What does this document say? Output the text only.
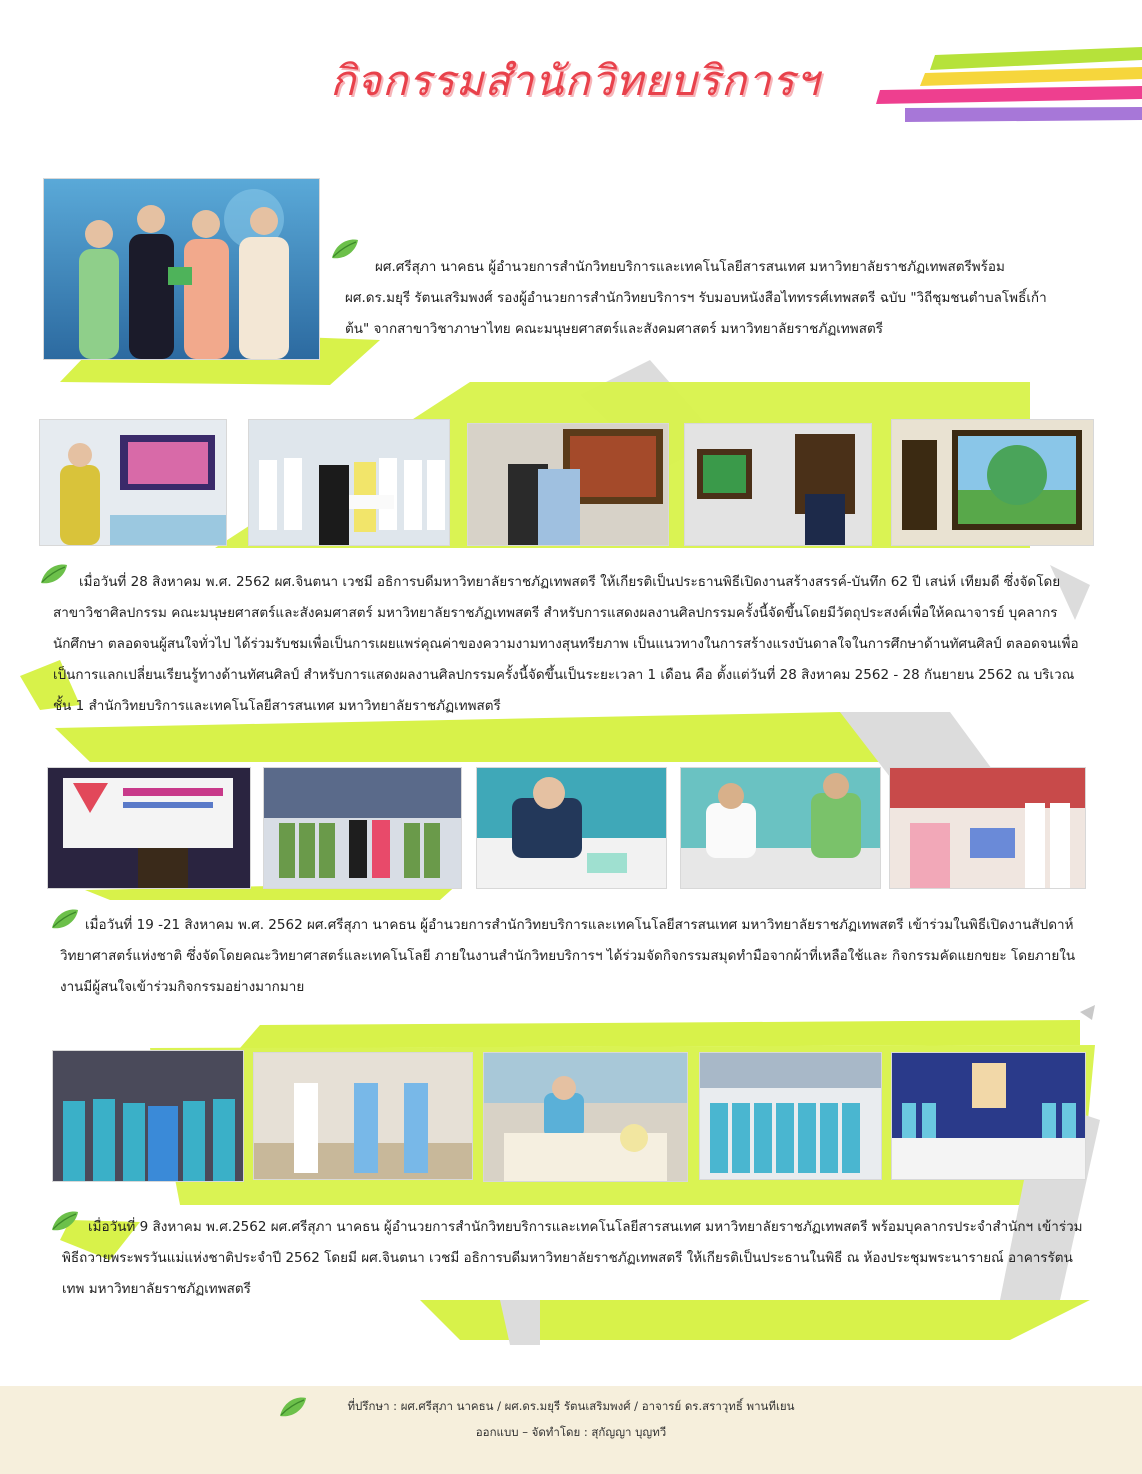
กิจกรรมสำนักวิทยบริการฯ

ผศ.ศรีสุภา นาคธน ผู้อำนวยการสำนักวิทยบริการและเทคโนโลยีสารสนเทศ มหาวิทยาลัยราชภัฏเทพสตรีพร้อม ผศ.ดร.มยุรี รัตนเสริมพงศ์ รองผู้อำนวยการสำนักวิทยบริการฯ รับมอบหนังสือไททรรศ์เทพสตรี ฉบับ "วิถีชุมชนตำบลโพธิ์เก้าต้น" จากสาขาวิชาภาษาไทย คณะมนุษยศาสตร์และสังคมศาสตร์ มหาวิทยาลัยราชภัฏเทพสตรี

เมื่อวันที่ 28 สิงหาคม พ.ศ. 2562 ผศ.จินตนา เวชมี อธิการบดีมหาวิทยาลัยราชภัฏเทพสตรี ให้เกียรติเป็นประธานพิธีเปิดงานสร้างสรรค์-บันทึก 62 ปี เสน่ห์ เทียมดี ซึ่งจัดโดยสาขาวิชาศิลปกรรม คณะมนุษยศาสตร์และสังคมศาสตร์ มหาวิทยาลัยราชภัฏเทพสตรี สำหรับการแสดงผลงานศิลปกรรมครั้งนี้จัดขึ้นโดยมีวัตถุประสงค์เพื่อให้คณาจารย์ บุคลากร นักศึกษา ตลอดจนผู้สนใจทั่วไป ได้ร่วมรับชมเพื่อเป็นการเผยแพร่คุณค่าของความงามทางสุนทรียภาพ เป็นแนวทางในการสร้างแรงบันดาลใจในการศึกษาด้านทัศนศิลป์ ตลอดจนเพื่อเป็นการแลกเปลี่ยนเรียนรู้ทางด้านทัศนศิลป์ สำหรับการแสดงผลงานศิลปกรรมครั้งนี้จัดขึ้นเป็นระยะเวลา 1 เดือน คือ ตั้งแต่วันที่ 28 สิงหาคม 2562 - 28 กันยายน 2562 ณ บริเวณชั้น 1 สำนักวิทยบริการและเทคโนโลยีสารสนเทศ มหาวิทยาลัยราชภัฏเทพสตรี

เมื่อวันที่ 19 -21 สิงหาคม พ.ศ. 2562 ผศ.ศรีสุภา นาคธน ผู้อำนวยการสำนักวิทยบริการและเทคโนโลยีสารสนเทศ มหาวิทยาลัยราชภัฏเทพสตรี เข้าร่วมในพิธีเปิดงานสัปดาห์วิทยาศาสตร์แห่งชาติ ซึ่งจัดโดยคณะวิทยาศาสตร์และเทคโนโลยี ภายในงานสำนักวิทยบริการฯ ได้ร่วมจัดกิจกรรมสมุดทำมือจากผ้าที่เหลือใช้และ กิจกรรมคัดแยกขยะ โดยภายในงานมีผู้สนใจเข้าร่วมกิจกรรมอย่างมากมาย

เมื่อวันที่ 9 สิงหาคม พ.ศ.2562 ผศ.ศรีสุภา นาคธน ผู้อำนวยการสำนักวิทยบริการและเทคโนโลยีสารสนเทศ มหาวิทยาลัยราชภัฏเทพสตรี พร้อมบุคลากรประจำสำนักฯ เข้าร่วมพิธีถวายพระพรวันแม่แห่งชาติประจำปี 2562 โดยมี ผศ.จินตนา เวชมี อธิการบดีมหาวิทยาลัยราชภัฏเทพสตรี ให้เกียรติเป็นประธานในพิธี ณ ห้องประชุมพระนารายณ์ อาคารรัตนเทพ มหาวิทยาลัยราชภัฏเทพสตรี

ที่ปรึกษา : ผศ.ศรีสุภา นาคธน / ผศ.ดร.มยุรี รัตนเสริมพงศ์ / อาจารย์ ดร.สราวุทธิ์ พานทีเยน
ออกแบบ – จัดทำโดย : สุกัญญา บุญทวี
